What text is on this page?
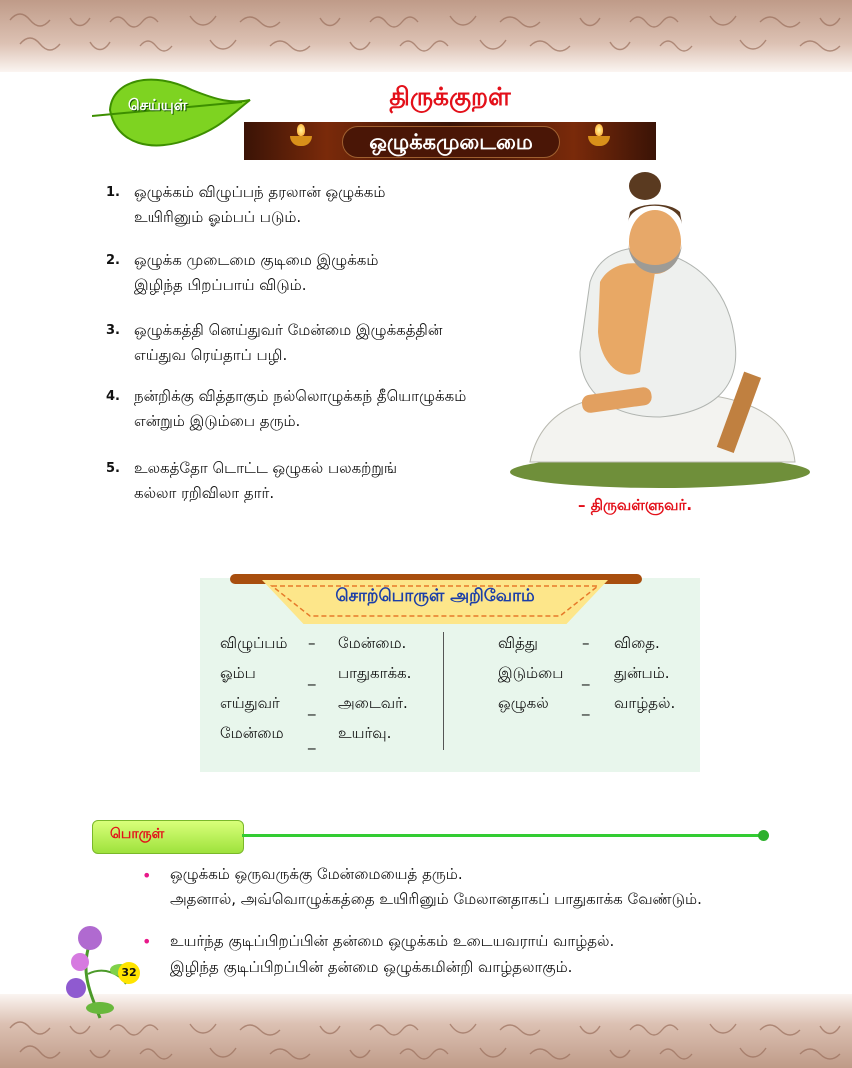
செய்யுள்	திருக்குறள்
ஒழுக்கமுடைமை
1. ஒழுக்கம் விழுப்பந் தரலான் ஒழுக்கம்
உயிரினும் ஓம்பப் படும்.
2. ஒழுக்க முடைமை குடிமை இழுக்கம்
இழிந்த பிறப்பாய் விடும்.
3. ஒழுக்கத்தி னெய்துவர் மேன்மை இழுக்கத்தின்
எய்துவ ரெய்தாப் பழி.
4. நன்றிக்கு வித்தாகும் நல்லொழுக்கந் தீயொழுக்கம்
என்றும் இடும்பை தரும்.
5. உலகத்தோ டொட்ட ஒழுகல் பலகற்றுங்
கல்லா ரறிவிலா தார்.
– திருவள்ளுவர்.
சொற்பொருள் அறிவோம்
விழுப்பம் – மேன்மை.
ஓம்ப	_ பாதுகாக்க.
எய்துவர் _ அடைவர்.
மேன்மை _ உயர்வு.
வித்து	– விதை.
இடும்பை _ துன்பம்.
ஒழுகல் _ வாழ்தல்.
பொருள்
• ஒழுக்கம் ஒருவருக்கு மேன்மையைத் தரும்.
அதனால், அவ்வொழுக்கத்தை உயிரினும் மேலானதாகப் பாதுகாக்க வேண்டும்.
• உயர்ந்த குடிப்பிறப்பின் தன்மை ஒழுக்கம் உடையவராய் வாழ்தல்.
இழிந்த குடிப்பிறப்பின் தன்மை ஒழுக்கமின்றி வாழ்தலாகும்.
32
